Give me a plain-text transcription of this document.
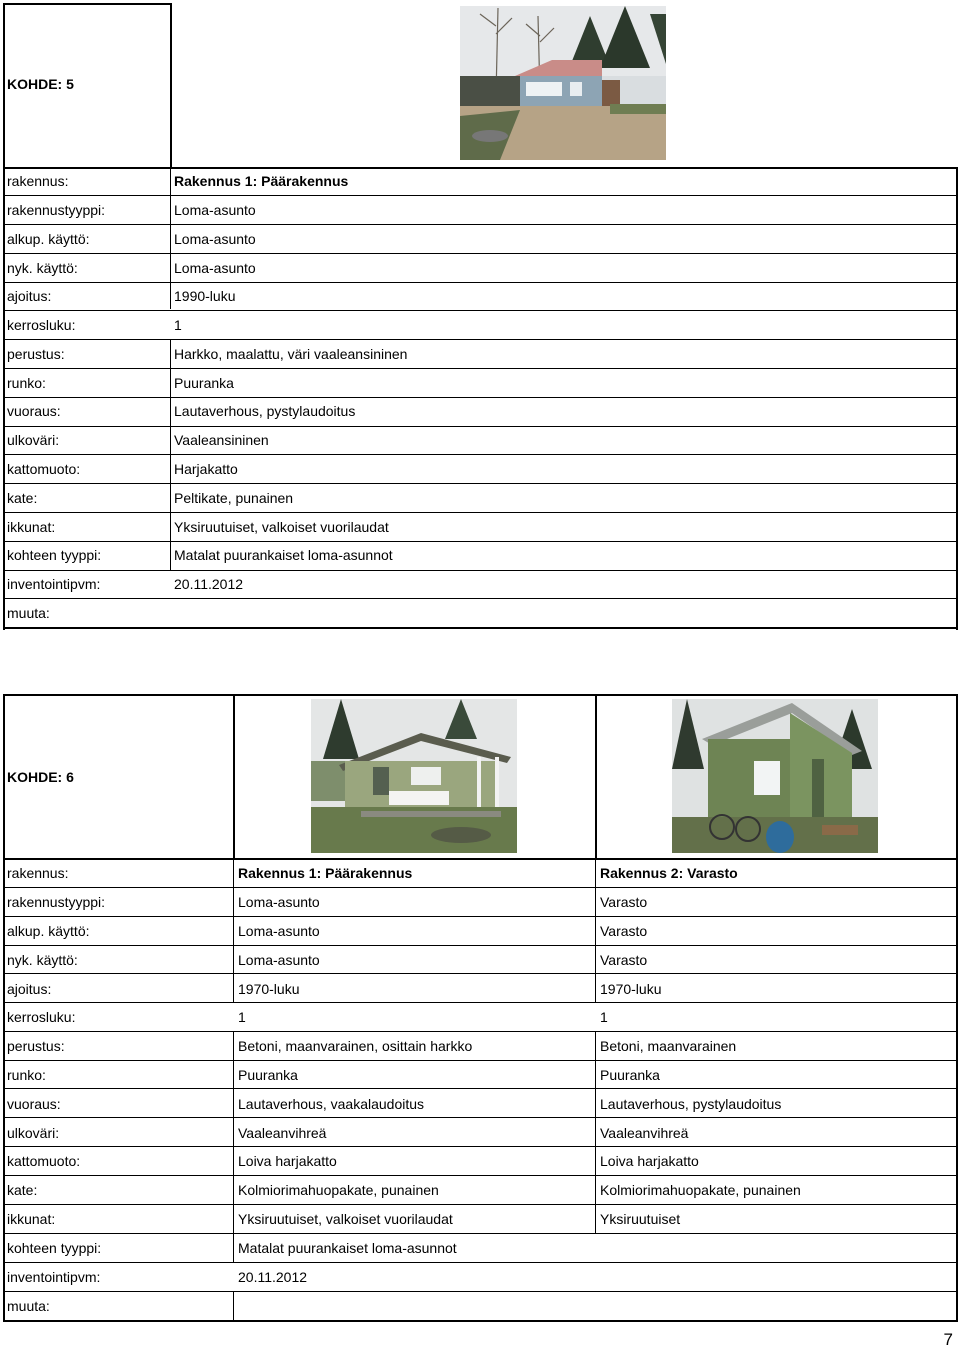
KOHDE: 5
rakennus:
rakennustyyppi:
alkup. käyttö:
nyk. käyttö:
ajoitus:
kerrosluku:
perustus:
runko:
vuoraus:
ulkoväri:
kattomuoto:
kate:
ikkunat:
kohteen tyyppi:
inventointipvm:
muuta:
Rakennus 1: Päärakennus
Loma-asunto
Loma-asunto
Loma-asunto
1990-luku
1
Harkko, maalattu, väri vaaleansininen
Puuranka
Lautaverhous, pystylaudoitus
Vaaleansininen
Harjakatto
Peltikate, punainen
Yksiruutuiset, valkoiset vuorilaudat
Matalat puurankaiset loma-asunnot
20.11.2012
KOHDE: 6
rakennus:
rakennustyyppi:
alkup. käyttö:
nyk. käyttö:
ajoitus:
kerrosluku:
perustus:
runko:
vuoraus:
ulkoväri:
kattomuoto:
kate:
ikkunat:
kohteen tyyppi:
inventointipvm:
muuta:
Rakennus 1: Päärakennus
Loma-asunto
Loma-asunto
Loma-asunto
1970-luku
1
Betoni, maanvarainen, osittain harkko
Puuranka
Lautaverhous, vaakalaudoitus
Vaaleanvihreä
Loiva harjakatto
Kolmiorimahuopakate, punainen
Yksiruutuiset, valkoiset vuorilaudat
Matalat puurankaiset loma-asunnot
20.11.2012
Rakennus 2: Varasto
Varasto
Varasto
Varasto
1970-luku
1
Betoni, maanvarainen
Puuranka
Lautaverhous, pystylaudoitus
Vaaleanvihreä
Loiva harjakatto
Kolmiorimahuopakate, punainen
Yksiruutuiset
7
